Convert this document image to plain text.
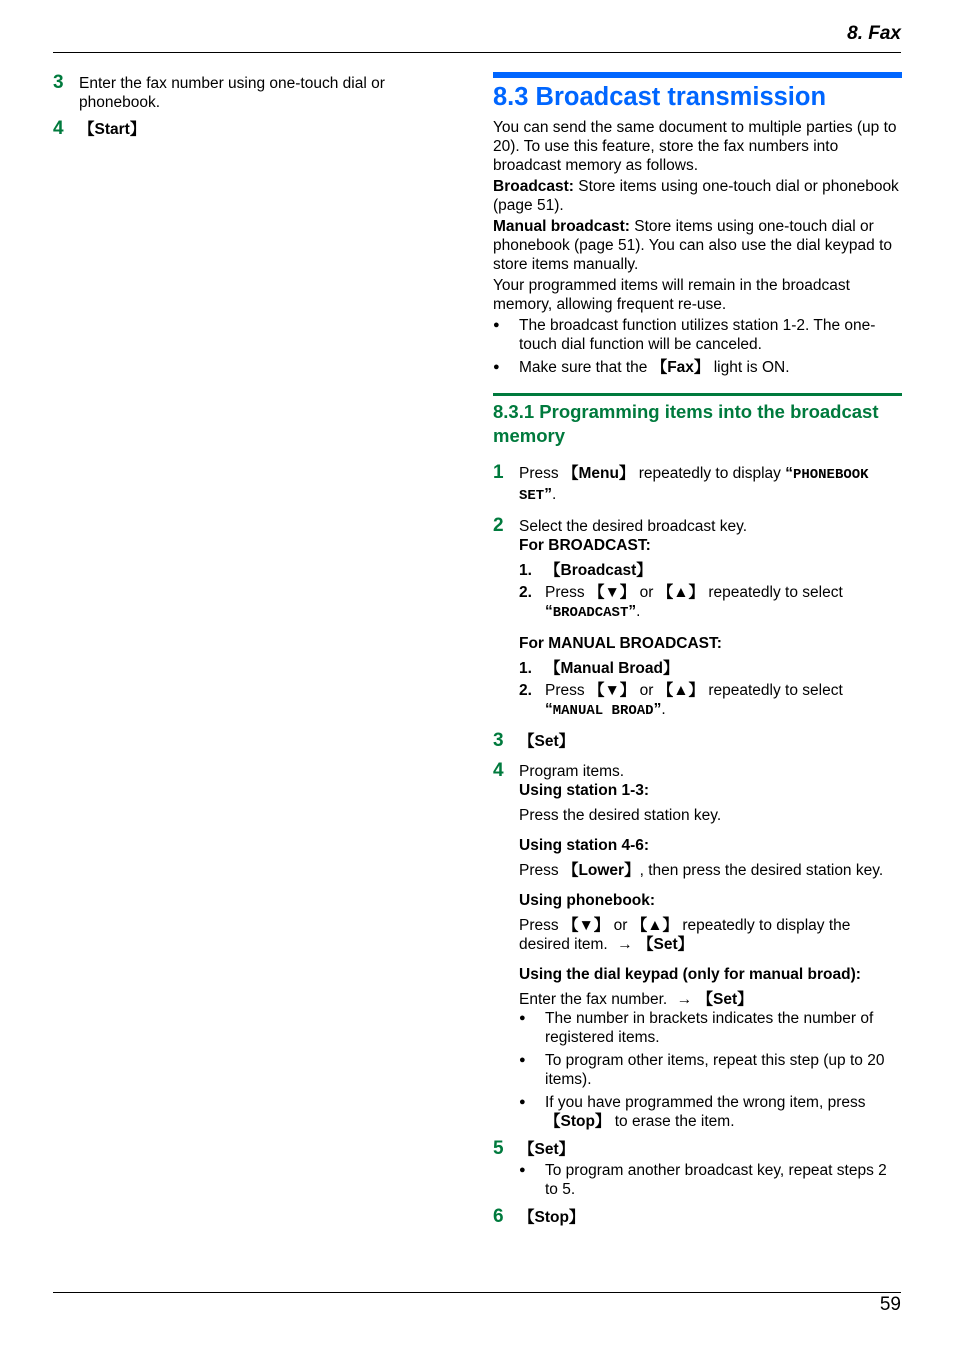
8. Fax
3 Enter the fax number using one-touch dial or phonebook.

4 【Start】

8.3 Broadcast transmission

You can send the same document to multiple parties (up to 20). To use this feature, store the fax numbers into broadcast memory as follows.

Broadcast: Store items using one-touch dial or phonebook (page 51).

Manual broadcast: Store items using one-touch dial or phonebook (page 51). You can also use the dial keypad to store items manually.

Your programmed items will remain in the broadcast memory, allowing frequent re-use.

● The broadcast function utilizes station 1-2. The one-touch dial function will be canceled.
● Make sure that the 【Fax】 light is ON.
8.3.1 Programming items into the broadcast memory
1 Press 【Menu】 repeatedly to display “PHONEBOOK SET”.

2 Select the desired broadcast key.

For BROADCAST:

1. 【Broadcast】
2. Press 【▼】 or 【▲】 repeatedly to select “BROADCAST”.

For MANUAL BROADCAST:

1. 【Manual Broad】
2. Press 【▼】 or 【▲】 repeatedly to select “MANUAL BROAD”.
3 【Set】

4 Program items.

Using station 1-3:

Press the desired station key.

Using station 4-6:

Press 【Lower】, then press the desired station key.

Using phonebook:

Press 【▼】 or 【▲】 repeatedly to display the desired item. → 【Set】

Using the dial keypad (only for manual broad):

Enter the fax number. → 【Set】

● The number in brackets indicates the number of registered items.
● To program other items, repeat this step (up to 20 items).
● If you have programmed the wrong item, press 【Stop】 to erase the item.
5 【Set】

● To program another broadcast key, repeat steps 2 to 5.
6 【Stop】

59
